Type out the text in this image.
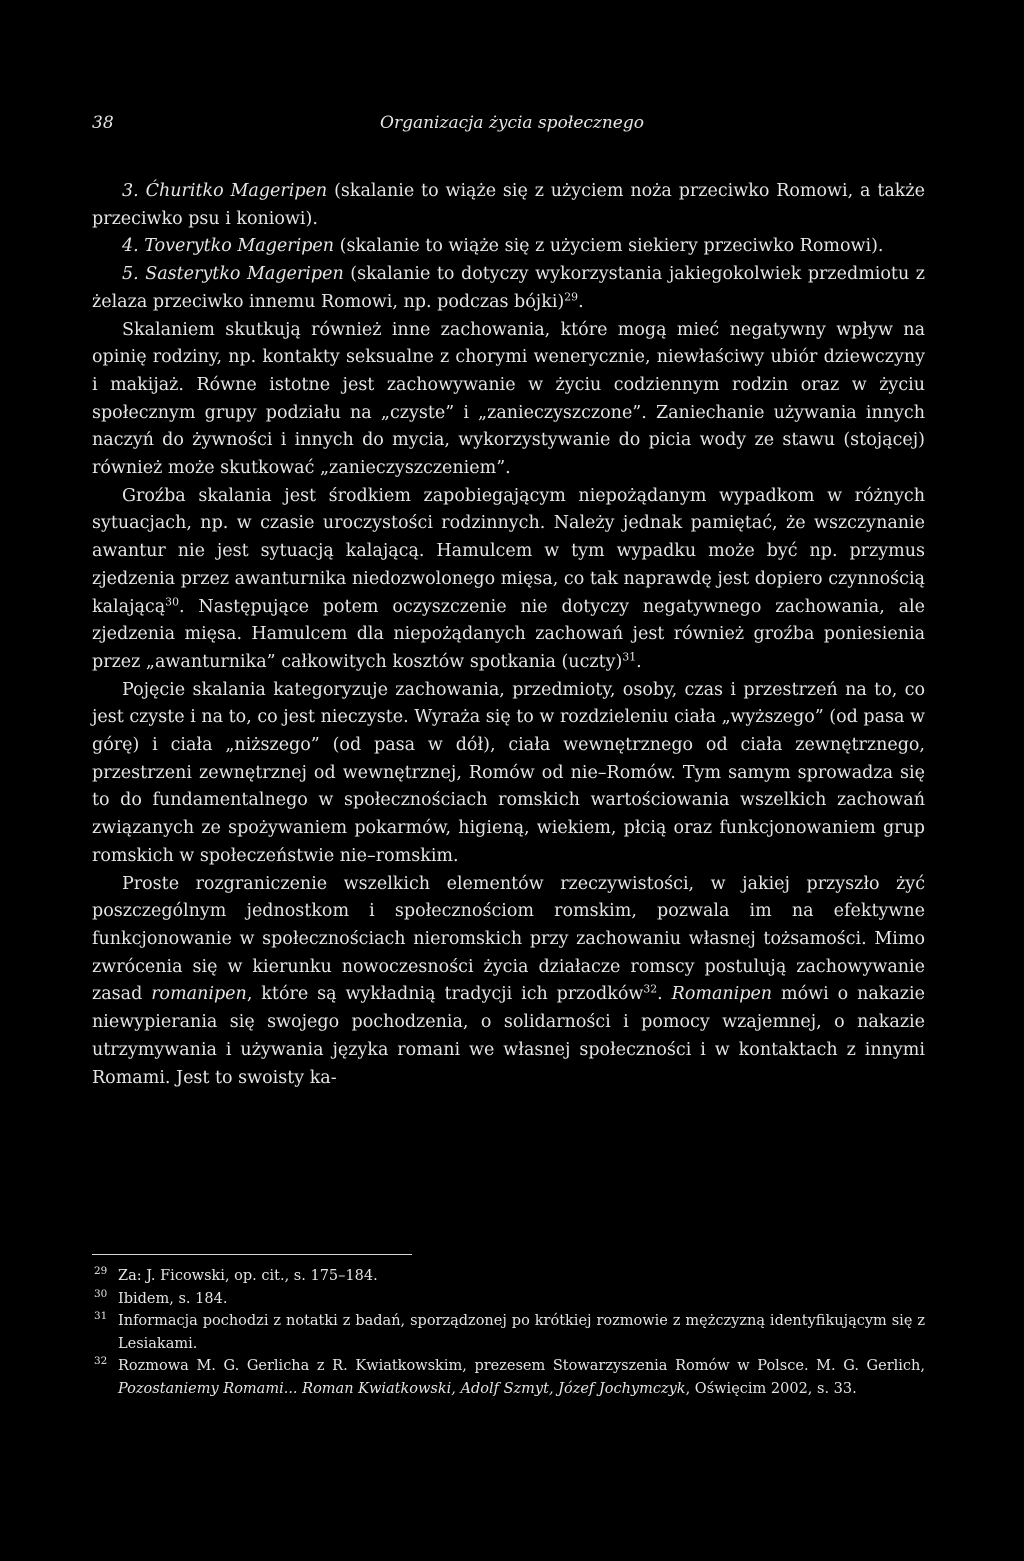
38	Organizacja życia społecznego

3. Ćhuritko Mageripen (skalanie to wiąże się z użyciem noża przeciwko Romowi, a także przeciwko psu i koniowi).

4. Toverytko Mageripen (skalanie to wiąże się z użyciem siekiery przeciwko Romowi).

5. Sasterytko Mageripen (skalanie to dotyczy wykorzystania jakiegokolwiek przedmiotu z żelaza przeciwko innemu Romowi, np. podczas bójki)$^{29}$.

Skalaniem skutkują również inne zachowania, które mogą mieć negatywny wpływ na opinię rodziny, np. kontakty seksualne z chorymi wenerycznie, niewłaściwy ubiór dziewczyny i makijaż. Równe istotne jest zachowywanie w życiu codziennym rodzin oraz w życiu społecznym grupy podziału na „czyste” i „zanieczyszczone”. Zaniechanie używania innych naczyń do żywności i innych do mycia, wykorzystywanie do picia wody ze stawu (stojącej) również może skutkować „zanieczyszczeniem”.

Groźba skalania jest środkiem zapobiegającym niepożądanym wypadkom w różnych sytuacjach, np. w czasie uroczystości rodzinnych. Należy jednak pamiętać, że wszczynanie awantur nie jest sytuacją kalającą. Hamulcem w tym wypadku może być np. przymus zjedzenia przez awanturnika niedozwolonego mięsa, co tak naprawdę jest dopiero czynnością kalającą$^{30}$. Następujące potem oczyszczenie nie dotyczy negatywnego zachowania, ale zjedzenia mięsa. Hamulcem dla niepożądanych zachowań jest również groźba poniesienia przez „awanturnika” całkowitych kosztów spotkania (uczty)$^{31}$.

Pojęcie skalania kategoryzuje zachowania, przedmioty, osoby, czas i przestrzeń na to, co jest czyste i na to, co jest nieczyste. Wyraża się to w rozdzieleniu ciała „wyższego” (od pasa w górę) i ciała „niższego” (od pasa w dół), ciała wewnętrznego od ciała zewnętrznego, przestrzeni zewnętrznej od wewnętrznej, Romów od nie–Romów. Tym samym sprowadza się to do fundamentalnego w społecznościach romskich wartościowania wszelkich zachowań związanych ze spożywaniem pokarmów, higieną, wiekiem, płcią oraz funkcjonowaniem grup romskich w społeczeństwie nie–romskim.

Proste rozgraniczenie wszelkich elementów rzeczywistości, w jakiej przyszło żyć poszczególnym jednostkom i społecznościom romskim, pozwala im na efektywne funkcjonowanie w społecznościach nieromskich przy zachowaniu własnej tożsamości. Mimo zwrócenia się w kierunku nowoczesności życia działacze romscy postulują zachowywanie zasad romanipen, które są wykładnią tradycji ich przodków$^{32}$. Romanipen mówi o nakazie niewypierania się swojego pochodzenia, o solidarności i pomocy wzajemnej, o nakazie utrzymywania i używania języka romani we własnej społeczności i w kontaktach z innymi Romami. Jest to swoisty ka-

$^{29}$ Za: J. Ficowski, op. cit., s. 175–184.
$^{30}$ Ibidem, s. 184.
$^{31}$ Informacja pochodzi z notatki z badań, sporządzonej po krótkiej rozmowie z mężczyzną identyfikującym się z Lesiakami.
$^{32}$ Rozmowa M. G. Gerlicha z R. Kwiatkowskim, prezesem Stowarzyszenia Romów w Polsce. M. G. Gerlich, Pozostaniemy Romami... Roman Kwiatkowski, Adolf Szmyt, Józef Jochymczyk, Oświęcim 2002, s. 33.
